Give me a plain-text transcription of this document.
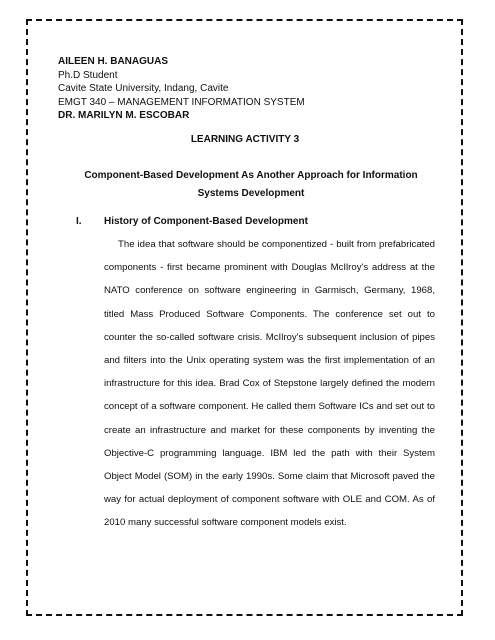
AILEEN H. BANAGUAS
Ph.D Student
Cavite State University, Indang, Cavite
EMGT 340 – MANAGEMENT INFORMATION SYSTEM
DR. MARILYN M. ESCOBAR
LEARNING ACTIVITY 3
Component-Based Development As Another Approach for Information
Systems Development
I. History of Component-Based Development
The idea that software should be componentized - built from prefabricated components - first became prominent with Douglas McIlroy's address at the NATO conference on software engineering in Garmisch, Germany, 1968, titled Mass Produced Software Components. The conference set out to counter the so-called software crisis. McIlroy's subsequent inclusion of pipes and filters into the Unix operating system was the first implementation of an infrastructure for this idea. Brad Cox of Stepstone largely defined the modern concept of a software component. He called them Software ICs and set out to create an infrastructure and market for these components by inventing the Objective-C programming language. IBM led the path with their System Object Model (SOM) in the early 1990s. Some claim that Microsoft paved the way for actual deployment of component software with OLE and COM. As of 2010 many successful software component models exist.
